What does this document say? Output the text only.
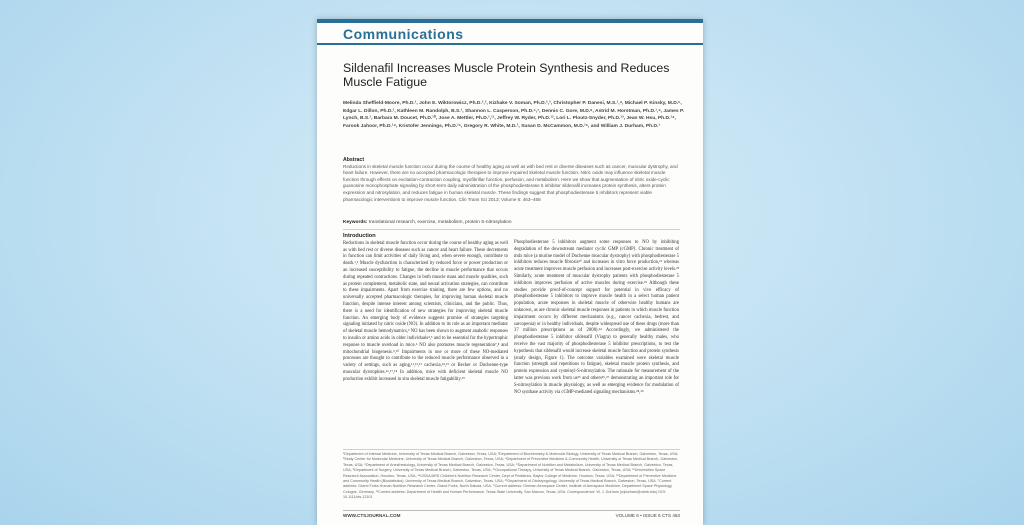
Communications
Sildenafil Increases Muscle Protein Synthesis and Reduces Muscle Fatigue
Melinda Sheffield-Moore, Ph.D.¹, John E. Wiktorowicz, Ph.D.²,³, Kizhake V. Soman, Ph.D.²,³, Christopher P. Danesi, M.S.¹,⁴, Michael P. Kinsky, M.D.⁵, Edgar L. Dillon, Ph.D.¹, Kathleen M. Randolph, B.S.¹, Shannon L. Casperson, Ph.D.⁶,⁷, Dennis C. Gore, M.D.⁸, Astrid M. Horstman, Ph.D.¹,⁹, James P. Lynch, B.S.¹, Barbara M. Doucet, Ph.D.¹⁰, Jose A. Mettler, Ph.D.¹,¹¹, Jeffrey W. Ryder, Ph.D.¹², Lori L. Ploutz-Snyder, Ph.D.¹³, Jean W. Hsu, Ph.D.¹⁴, Farook Jahoor, Ph.D.¹⁴, Kristofer Jennings, Ph.D.¹⁵, Gregory R. White, M.D.¹, Susan D. McCammon, M.D.¹⁶, and William J. Durham, Ph.D.¹
Abstract
Reductions in skeletal muscle function occur during the course of healthy aging as well as with bed rest or diverse diseases such as cancer, muscular dystrophy, and heart failure. However, there are no accepted pharmacologic therapies to improve impaired skeletal muscle function. Nitric oxide may influence skeletal muscle function through effects on excitation-contraction coupling, myofibrillar function, perfusion, and metabolism. Here we show that augmentation of nitric oxide-cyclic guanosine monophosphate signaling by short-term daily administration of the phosphodiesterase 5 inhibitor sildenafil increases protein synthesis, alters protein expression and nitrosylation, and reduces fatigue in human skeletal muscle. These findings suggest that phosphodiesterase 5 inhibitors represent viable pharmacologic interventions to improve muscle function. Clin Trans Sci 2013; Volume 6: 463–468
Keywords: translational research, exercise, metabolism, protein S-nitrosylation
Introduction
Reductions in skeletal muscle function occur during the course of healthy aging as well as with bed rest or diverse diseases such as cancer and heart failure. These decrements in function can limit activities of daily living and, when severe enough, contribute to death.¹,² Muscle dysfunction is characterized by reduced force or power production or an increased susceptibility to fatigue, the decline in muscle performance that occurs during repeated contractions. Changes in both muscle mass and muscle qualities, such as protein complement, metabolic state, and neural activation strategies, can contribute to these impairments. Apart from exercise training, there are few options, and no universally accepted pharmacologic therapies, for improving human skeletal muscle function, despite intense interest among scientists, clinicians, and the public. Thus, there is a need for identification of new strategies for improving skeletal muscle function. An emerging body of evidence suggests promise of strategies targeting signaling initiated by nitric oxide (NO). In addition to its role as an important mediator of skeletal muscle hemodynamics,³ NO has been shown to augment anabolic responses to insulin or amino acids in older individuals⁴,⁵ and to be essential for the hypertrophic response to muscle overload in mice.⁶ NO also promotes muscle regeneration⁷,⁸ and mitochondrial biogenesis.⁹,¹⁰ Impairments in one or more of these NO-mediated processes are thought to contribute to the reduced muscle performance observed in a variety of settings, such as aging,¹¹,¹²,¹³ cachexia,¹⁴,¹⁵ or Becker or Duchenne-type muscular dystrophies.¹⁶,¹⁷,¹⁸ In addition, mice with deficient skeletal muscle NO production exhibit increased in situ skeletal muscle fatigability.¹⁹
Phosphodiesterase 5 inhibitors augment some responses to NO by inhibiting degradation of the downstream mediator cyclic GMP (cGMP). Chronic treatment of mdx mice (a murine model of Duchenne muscular dystrophy) with phosphodiesterase 5 inhibitors reduces muscle fibrosis²⁰ and increases in vitro force production,²¹ whereas acute treatment improves muscle perfusion and increases post-exercise activity levels.²² Similarly, acute treatment of muscular dystrophy patients with phosphodiesterase 5 inhibitors improves perfusion of active muscles during exercise.²³ Although these studies provide proof-of-concept support for potential in vivo efficacy of phosphodiesterase 5 inhibitors to improve muscle health in a select human patient population, acute responses in skeletal muscle of otherwise healthy humans are unknown, as are chronic skeletal muscle responses in patients in which muscle function impairment occurs by different mechanisms (e.g., cancer cachexia, bedrest, and sarcopenia) or in healthy individuals, despite widespread use of these drugs (more than 37 million prescriptions as of 2008).²⁴ Accordingly, we administered the phosphodiesterase 5 inhibitor sildenafil (Viagra) to generally healthy males, who receive the vast majority of phosphodiesterase 5 inhibitor prescriptions, to test the hypothesis that sildenafil would increase skeletal muscle function and protein synthesis (study design, Figure 1). The outcome variables examined were skeletal muscle function (strength and repetitions to fatigue), skeletal muscle protein synthesis, and protein expression and cysteinyl-S-nitrosylation. The rationale for measurement of the latter was previous work from us²⁵ and others²⁶,²⁷ demonstrating an important role for S-nitrosylation in muscle physiology, as well as emerging evidence for modulation of NO synthase activity via cGMP-mediated signaling mechanisms.²⁸,²⁹
¹Department of Internal Medicine, University of Texas Medical Branch, Galveston, Texas, USA; ²Department of Biochemistry & Molecular Biology, University of Texas Medical Branch, Galveston, Texas, USA; ³Sealy Center for Molecular Medicine, University of Texas Medical Branch, Galveston, Texas, USA; ⁴Department of Preventive Medicine & Community Health, University of Texas Medical Branch, Galveston, Texas, USA; ⁵Department of Anesthesiology, University of Texas Medical Branch, Galveston, Texas, USA; ⁶Department of Nutrition and Metabolism, University of Texas Medical Branch, Galveston, Texas, USA; ⁸Department of Surgery, University of Texas Medical Branch, Galveston, Texas, USA; ¹⁰Occupational Therapy, University of Texas Medical Branch, Galveston, Texas, USA; ¹²Universities Space Research Association, Houston, Texas, USA; ¹⁴USDA/ARS Children's Nutrition Research Center, Dept of Pediatrics, Baylor College of Medicine, Houston, Texas, USA; ¹⁵Department of Preventive Medicine and Community Health (Biostatistics), University of Texas Medical Branch, Galveston, Texas, USA; ¹⁶Department of Otolaryngology, University of Texas Medical Branch, Galveston, Texas, USA. ⁷Current address: Grand Forks Human Nutrition Research Center, Grand Forks, North Dakota, USA. ⁹Current address: German Aerospace Center, Institute of Aerospace Medicine, Department Space Physiology, Cologne, Germany. ¹¹Current address: Department of Health and Human Performance, Texas State University, San Marcos, Texas, USA. Correspondence: W. J. Durham (wjdurham@utmb.edu) DOI: 10.1111/cts.12101
WWW.CTSJOURNAL.COM	VOLUME 6 • ISSUE 6 CTS 463
